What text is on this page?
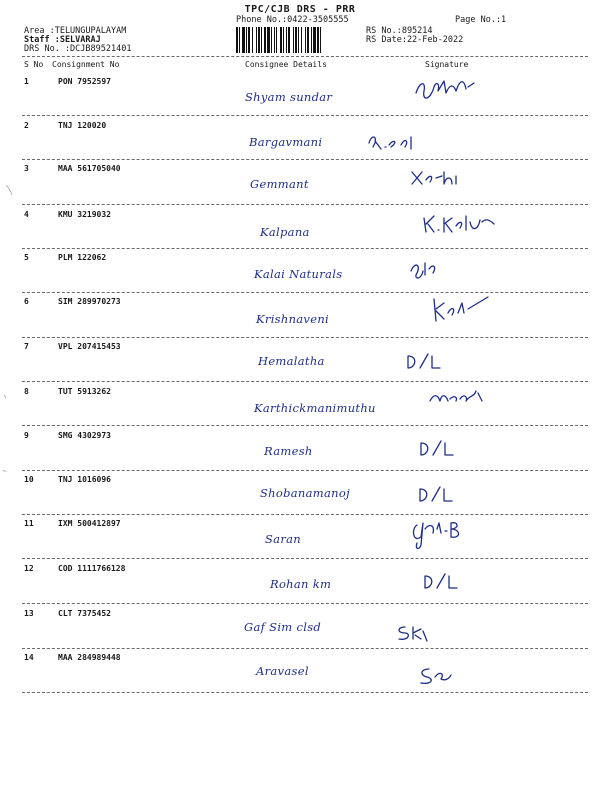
TPC/CJB DRS - PRR
Phone No.:0422-3505555	Page No.:1
Area :TELUNGUPALAYAM
Staff :SELVARAJ
DRS No. :DCJB89521401
RS No.:895214
RS Date:22-Feb-2022
S No Consignment No	Consignee Details	Signature
1	PON 7952597
Shyam sundar
2	TNJ 120020
Bargavmani
3	MAA 561705040
Gemmant
4	KMU 3219032
Kalpana
5	PLM 122062
Kalai Naturals
6	SIM 289970273
Krishnaveni
7	VPL 207415453
Hemalatha
8	TUT 5913262
Karthickmanimuthu
9	SMG 4302973
Ramesh
10	TNJ 1016096
Shobanamanoj
11	IXM 500412897
Saran
12	COD 1111766128
Rohan km
13	CLT 7375452
Gaf Sim clsd
14	MAA 284989448
Aravasel
